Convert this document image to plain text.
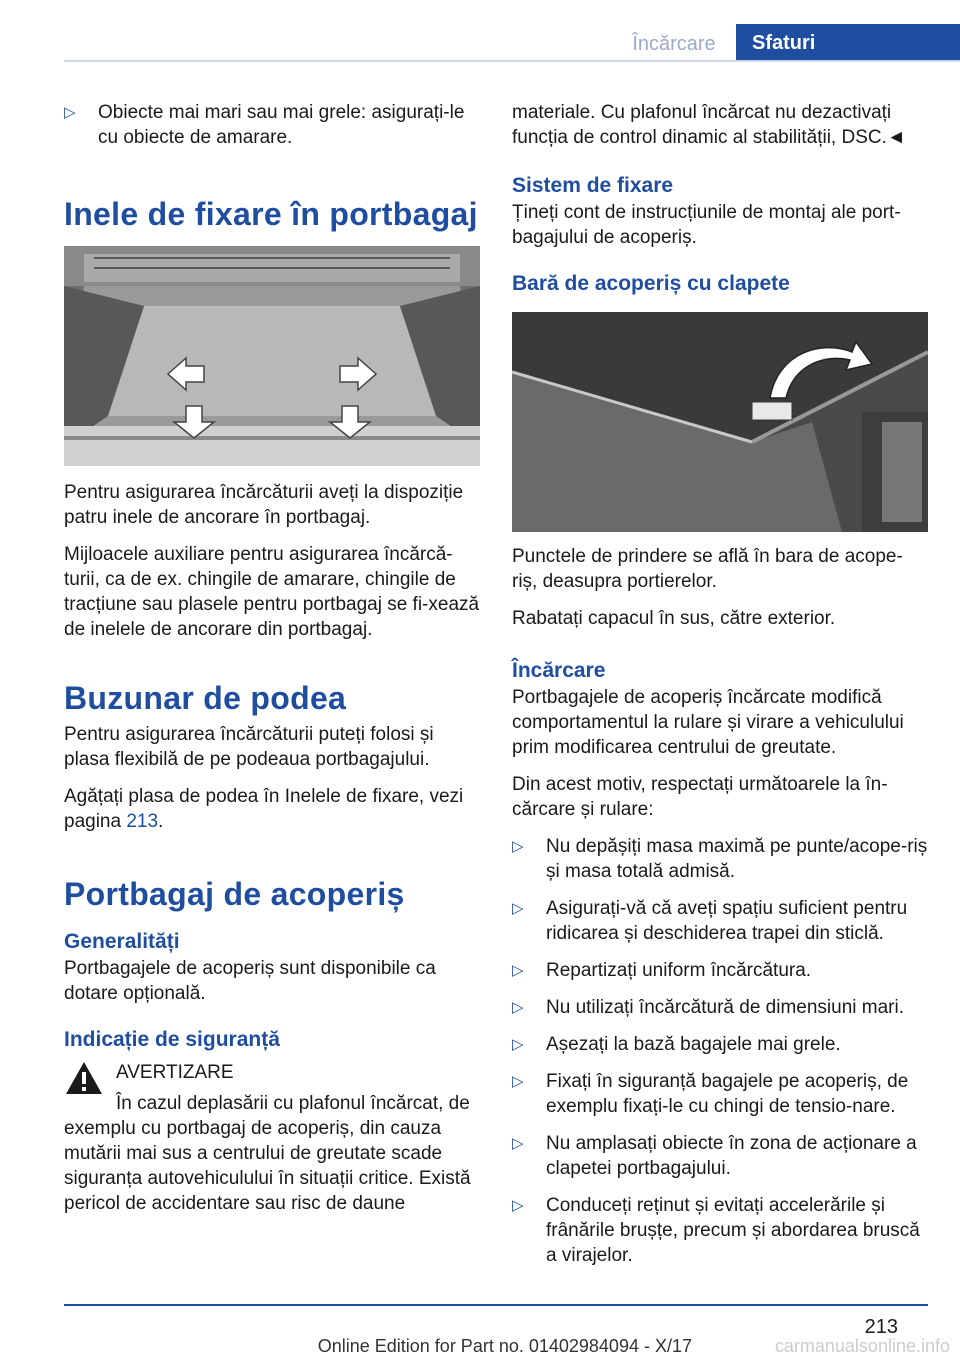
Încărcare	Sfaturi
▷ Obiecte mai mari sau mai grele: asigurați-le cu obiecte de amarare.
Inele de fixare în portbagaj

Pentru asigurarea încărcăturii aveți la dispoziție patru inele de ancorare în portbagaj.

Mijloacele auxiliare pentru asigurarea încărcă-turii, ca de ex. chingile de amarare, chingile de tracțiune sau plasele pentru portbagaj se fi-xează de inelele de ancorare din portbagaj.

Buzunar de podea

Pentru asigurarea încărcăturii puteți folosi și plasa flexibilă de pe podeaua portbagajului.

Agățați plasa de podea în Inelele de fixare, vezi pagina 213.

Portbagaj de acoperiș
Generalități

Portbagajele de acoperiș sunt disponibile ca dotare opțională.

Indicație de siguranță

AVERTIZARE

În cazul deplasării cu plafonul încărcat, de exemplu cu portbagaj de acoperiș, din cauza mutării mai sus a centrului de greutate scade siguranța autovehiculului în situații critice. Există pericol de accidentare sau risc de daune

materiale. Cu plafonul încărcat nu dezactivați funcția de control dinamic al stabilității, DSC.◄

Sistem de fixare

Țineți cont de instrucțiunile de montaj ale port-bagajului de acoperiș.

Bară de acoperiș cu clapete

Punctele de prindere se află în bara de acope-riș, deasupra portierelor.

Rabatați capacul în sus, către exterior.

Încărcare

Portbagajele de acoperiș încărcate modifică comportamentul la rulare și virare a vehiculului prim modificarea centrului de greutate.

Din acest motiv, respectați următoarele la în-cărcare și rulare:

▷ Nu depășiți masa maximă pe punte/acope-riș și masa totală admisă.
▷ Asigurați-vă că aveți spațiu suficient pentru ridicarea și deschiderea trapei din sticlă.
▷ Repartizați uniform încărcătura.
▷ Nu utilizați încărcătură de dimensiuni mari.
▷ Așezați la bază bagajele mai grele.
▷ Fixați în siguranță bagajele pe acoperiș, de exemplu fixați-le cu chingi de tensio-nare.
▷ Nu amplasați obiecte în zona de acționare a clapetei portbagajului.
▷ Conduceți reținut și evitați accelerările și frânările brușțe, precum și abordarea bruscă a virajelor.
213
Online Edition for Part no. 01402984094 - X/17	carmanualsonline.info
